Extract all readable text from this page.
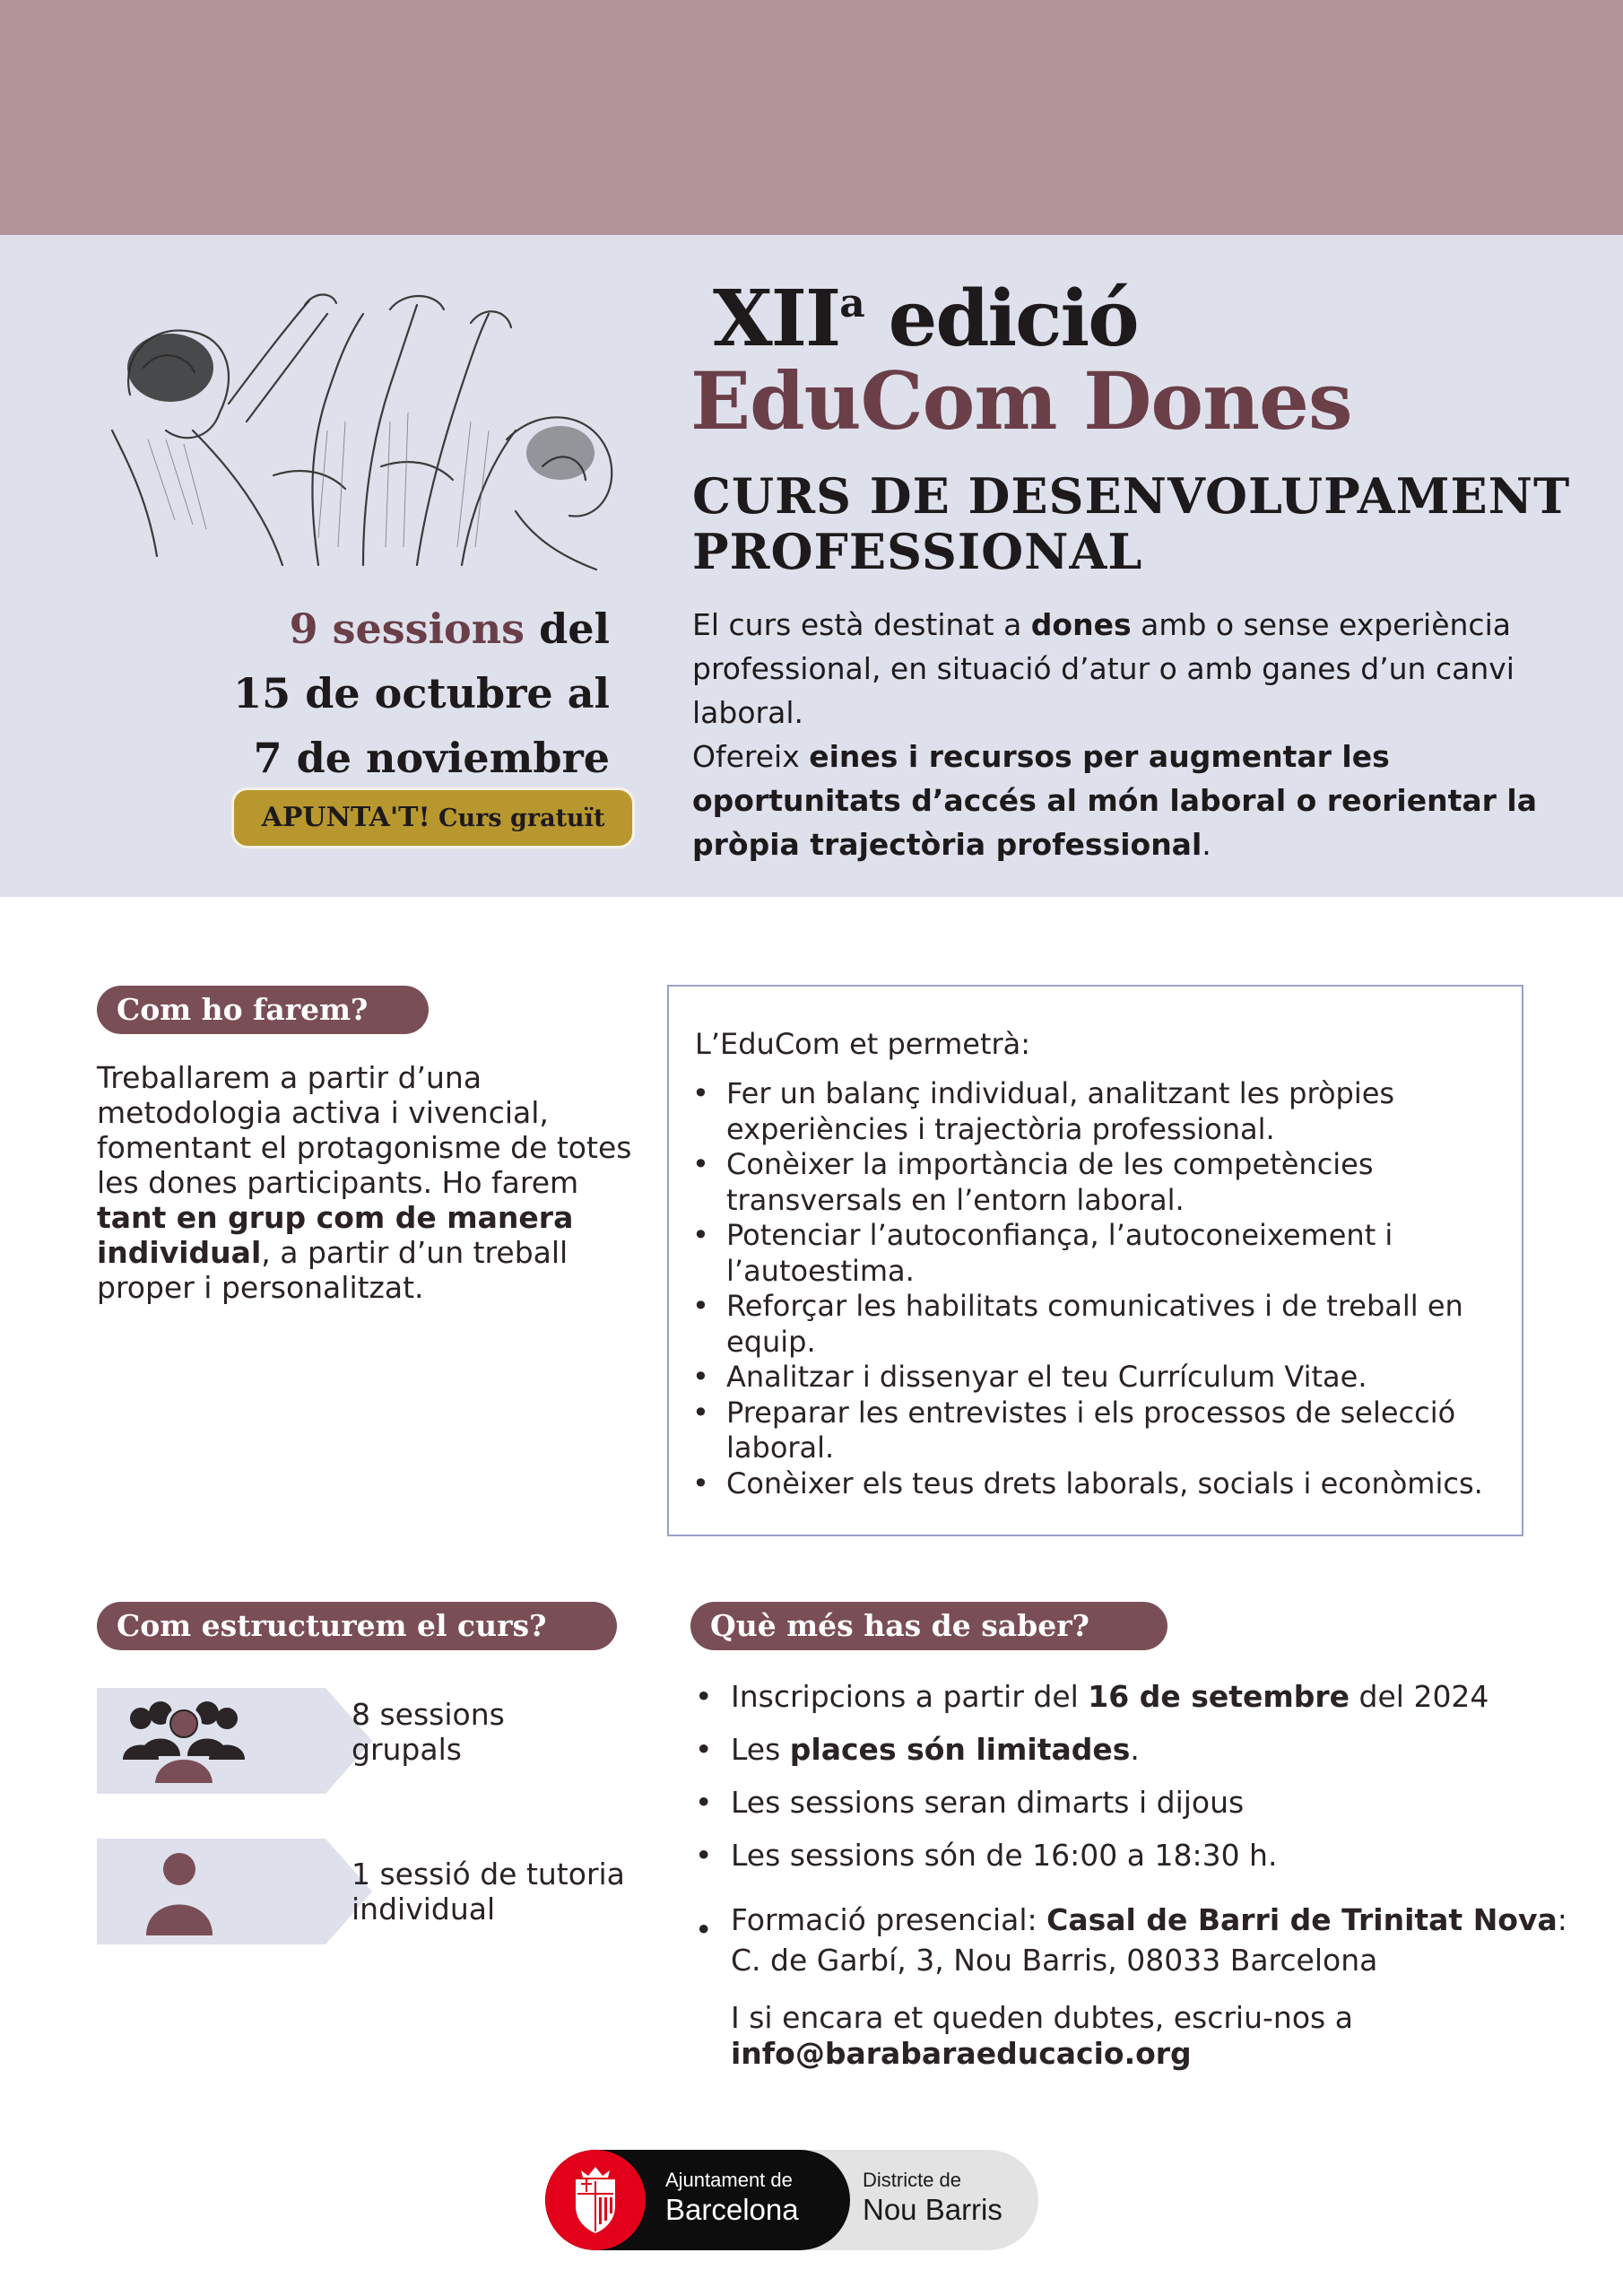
XII$^a$ edició
EduCom Dones
CURS DE DESENVOLUPAMENT
PROFESSIONAL
9 sessions del
15 de octubre al
7 de noviembre
APUNTA'T! Curs gratuït

El curs està destinat a dones amb o sense experiència professional, en situació d’atur o amb ganes d’un canvi laboral.

Ofereix eines i recursos per augmentar les oportunitats d’accés al món laboral o reorientar la pròpia trajectòria professional.

Com ho farem?
Treballarem a partir d’una metodologia activa i vivencial, fomentant el protagonisme de totes les dones participants. Ho farem tant en grup com de manera individual, a partir d’un treball proper i personalitzat.
L’EduCom et permetrà:
• Fer un balanç individual, analitzant les pròpies experiències i trajectòria professional.
• Conèixer la importància de les competències transversals en l’entorn laboral.
• Potenciar l’autoconfiança, l’autoconeixement i l’autoestima.
• Reforçar les habilitats comunicatives i de treball en equip.
• Analitzar i dissenyar el teu Currículum Vitae.
• Preparar les entrevistes i els processos de selecció laboral.
• Conèixer els teus drets laborals, socials i econòmics.
Com estructurem el curs?	Què més has de saber?
8 sessions grupals
1 sessió de tutoria individual
• Inscripcions a partir del 16 de setembre del 2024
• Les places són limitades.
• Les sessions seran dimarts i dijous
• Les sessions són de 16:00 a 18:30 h.
• Formació presencial: Casal de Barri de Trinitat Nova: C. de Garbí, 3, Nou Barris, 08033 Barcelona
I si encara et queden dubtes, escriu-nos a
info@barabaraeducacio.org
Ajuntament de
Barcelona
Districte de
Nou Barris
